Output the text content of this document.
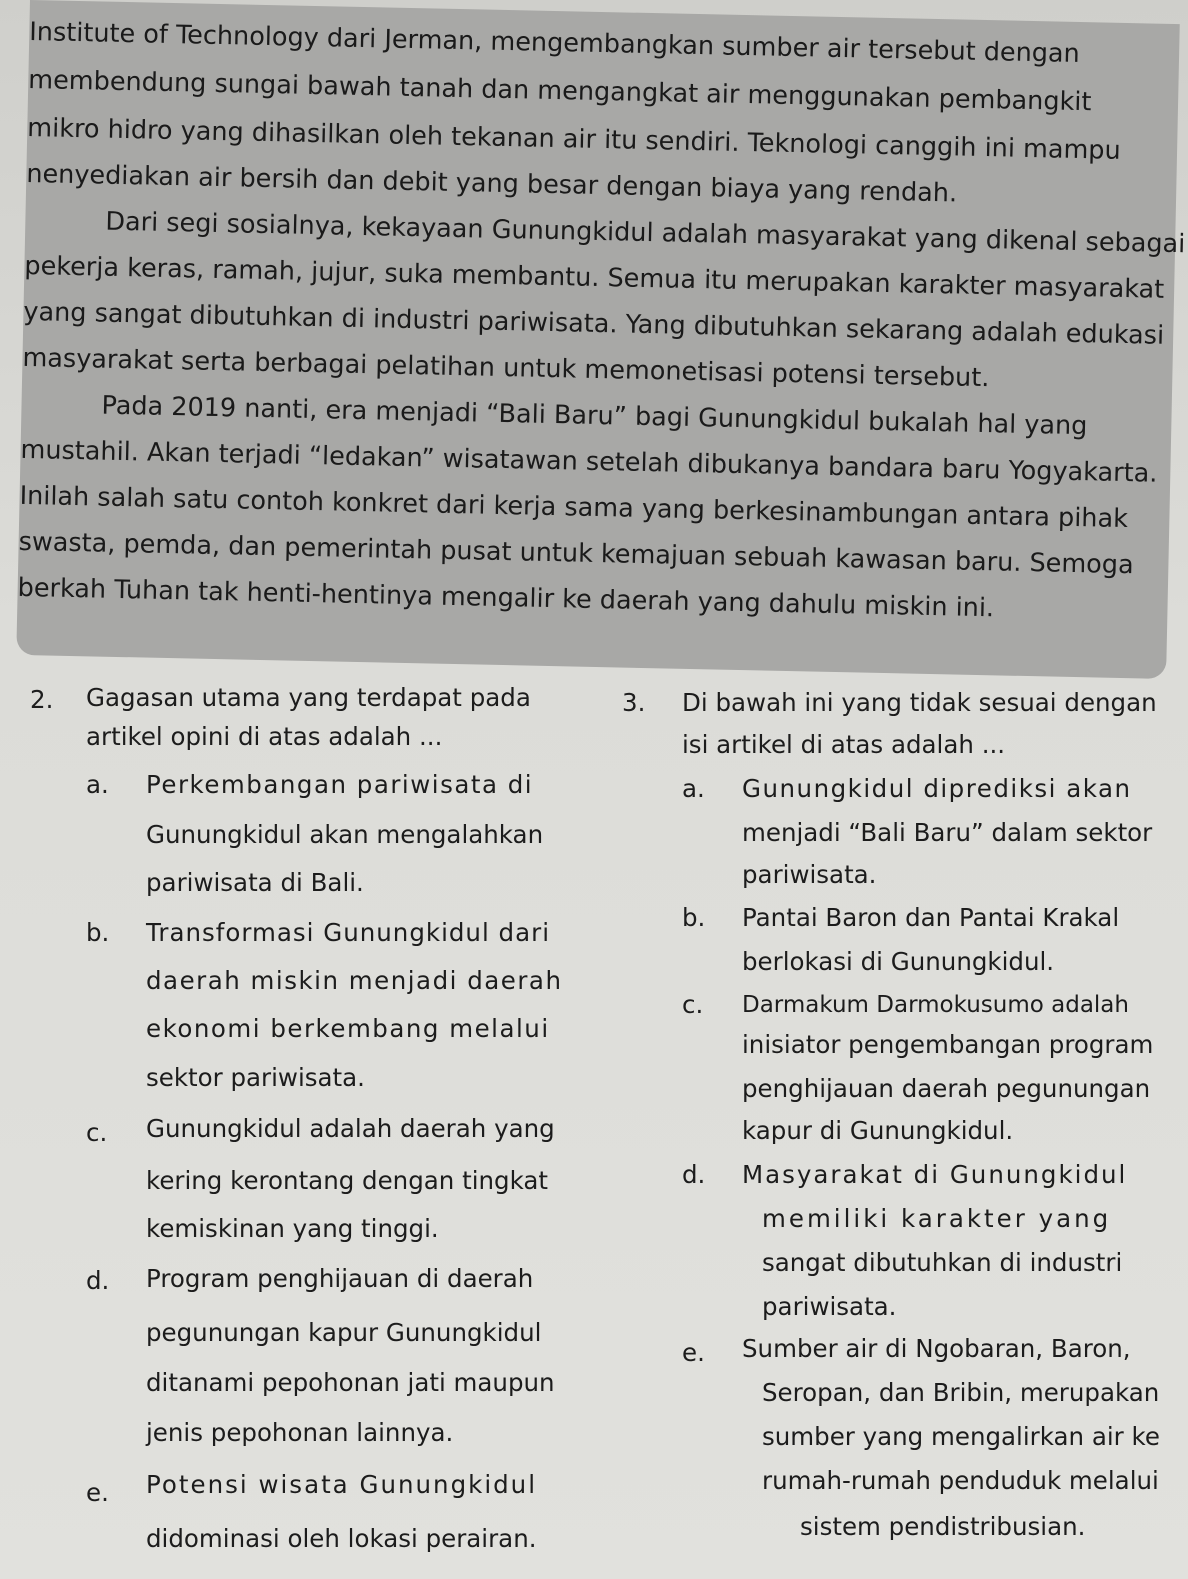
Institute of Technology dari Jerman, mengembangkan sumber air tersebut dengan

membendung sungai bawah tanah dan mengangkat air menggunakan pembangkit

mikro hidro yang dihasilkan oleh tekanan air itu sendiri. Teknologi canggih ini mampu

nenyediakan air bersih dan debit yang besar dengan biaya yang rendah.

Dari segi sosialnya, kekayaan Gunungkidul adalah masyarakat yang dikenal sebagai

pekerja keras, ramah, jujur, suka membantu. Semua itu merupakan karakter masyarakat

yang sangat dibutuhkan di industri pariwisata. Yang dibutuhkan sekarang adalah edukasi

masyarakat serta berbagai pelatihan untuk memonetisasi potensi tersebut.

Pada 2019 nanti, era menjadi “Bali Baru” bagi Gunungkidul bukalah hal yang

mustahil. Akan terjadi “ledakan” wisatawan setelah dibukanya bandara baru Yogyakarta.

Inilah salah satu contoh konkret dari kerja sama yang berkesinambungan antara pihak

swasta, pemda, dan pemerintah pusat untuk kemajuan sebuah kawasan baru. Semoga

berkah Tuhan tak henti-hentinya mengalir ke daerah yang dahulu miskin ini.

2. Gagasan utama yang terdapat pada
artikel opini di atas adalah ...
a. Perkembangan pariwisata di
Gunungkidul akan mengalahkan
pariwisata di Bali.
b. Transformasi Gunungkidul dari
daerah miskin menjadi daerah
ekonomi berkembang melalui
sektor pariwisata.
c. Gunungkidul adalah daerah yang
kering kerontang dengan tingkat
kemiskinan yang tinggi.
d. Program penghijauan di daerah
pegunungan kapur Gunungkidul
ditanami pepohonan jati maupun
jenis pepohonan lainnya.
e. Potensi wisata Gunungkidul
didominasi oleh lokasi perairan.
3. Di bawah ini yang tidak sesuai dengan
isi artikel di atas adalah ...
a. Gunungkidul diprediksi akan
menjadi “Bali Baru” dalam sektor
pariwisata.
b. Pantai Baron dan Pantai Krakal
berlokasi di Gunungkidul.
c. Darmakum Darmokusumo adalah
inisiator pengembangan program
penghijauan daerah pegunungan
kapur di Gunungkidul.
d. Masyarakat di Gunungkidul
memiliki karakter yang
sangat dibutuhkan di industri
pariwisata.
e. Sumber air di Ngobaran, Baron,
Seropan, dan Bribin, merupakan
sumber yang mengalirkan air ke
rumah-rumah penduduk melalui
sistem pendistribusian.
